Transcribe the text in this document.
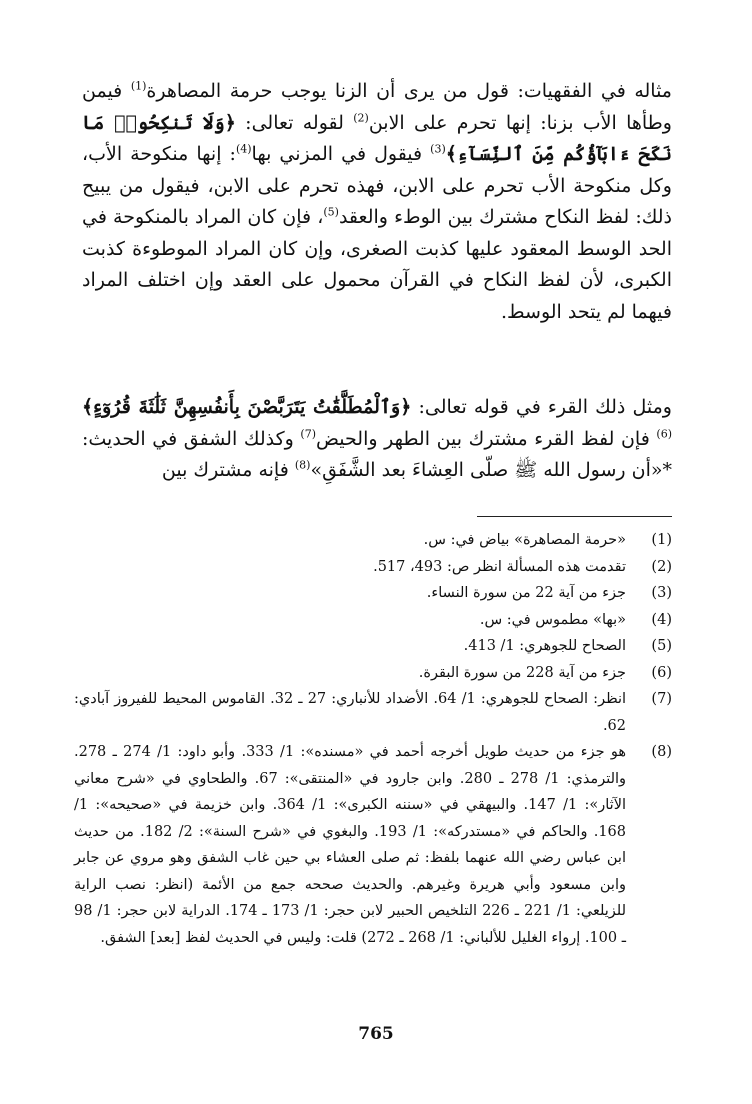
مثاله في الفقهيات: قول من يرى أن الزنا يوجب حرمة المصاهرة$^{(1)}$ فيمن وطأها الأب بزنا: إنها تحرم على الابن$^{(2)}$ لقوله تعالى: ﴿وَلَا تَنكِحُوا۟ مَا نَكَحَ ءَابَآؤُكُم مِّنَ ٱلنِّسَآءِ﴾$^{(3)}$ فيقول في المزني بها$^{(4)}$: إنها منكوحة الأب، وكل منكوحة الأب تحرم على الابن، فهذه تحرم على الابن، فيقول من يبيح ذلك: لفظ النكاح مشترك بين الوطء والعقد$^{(5)}$، فإن كان المراد بالمنكوحة في الحد الوسط المعقود عليها كذبت الصغرى، وإن كان المراد الموطوءة كذبت الكبرى، لأن لفظ النكاح في القرآن محمول على العقد وإن اختلف المراد فيهما لم يتحد الوسط.

ومثل ذلك القرء في قوله تعالى: ﴿وَٱلْمُطَلَّقَٰتُ يَتَرَبَّصْنَ بِأَنفُسِهِنَّ ثَلَٰثَةَ قُرُوٓءٍ﴾$^{(6)}$ فإن لفظ القرء مشترك بين الطهر والحيض$^{(7)}$ وكذلك الشفق في الحديث: *«أن رسول الله ﷺ صلّى العِشاءَ بعد الشَّفَقِ»$^{(8)}$ فإنه مشترك بين

(1)
«حرمة المصاهرة» بياض في: س.
(2)
تقدمت هذه المسألة انظر ص: 493، 517.
(3)
جزء من آية 22 من سورة النساء.
(4)
«بها» مطموس في: س.
(5)
الصحاح للجوهري: 1/ 413.
(6)
جزء من آية 228 من سورة البقرة.
(7)
انظر: الصحاح للجوهري: 1/ 64. الأضداد للأنباري: 27 ـ 32. القاموس المحيط للفيروز آبادي: 62.
(8)
هو جزء من حديث طويل أخرجه أحمد في «مسنده»: 1/ 333. وأبو داود: 1/ 274 ـ 278. والترمذي: 1/ 278 ـ 280. وابن جارود في «المنتقى»: 67. والطحاوي في «شرح معاني الآثار»: 1/ 147. والبيهقي في «سننه الكبرى»: 1/ 364. وابن خزيمة في «صحيحه»: 1/ 168. والحاكم في «مستدركه»: 1/ 193. والبغوي في «شرح السنة»: 2/ 182. من حديث ابن عباس رضي الله عنهما بلفظ: ثم صلى العشاء بي حين غاب الشفق وهو مروي عن جابر وابن مسعود وأبي هريرة وغيرهم. والحديث صححه جمع من الأئمة (انظر: نصب الراية للزيلعي: 1/ 221 ـ 226 التلخيص الحبير لابن حجر: 1/ 173 ـ 174. الدراية لابن حجر: 1/ 98 ـ 100. إرواء الغليل للألباني: 1/ 268 ـ 272) قلت: وليس في الحديث لفظ [بعد] الشفق.
765
